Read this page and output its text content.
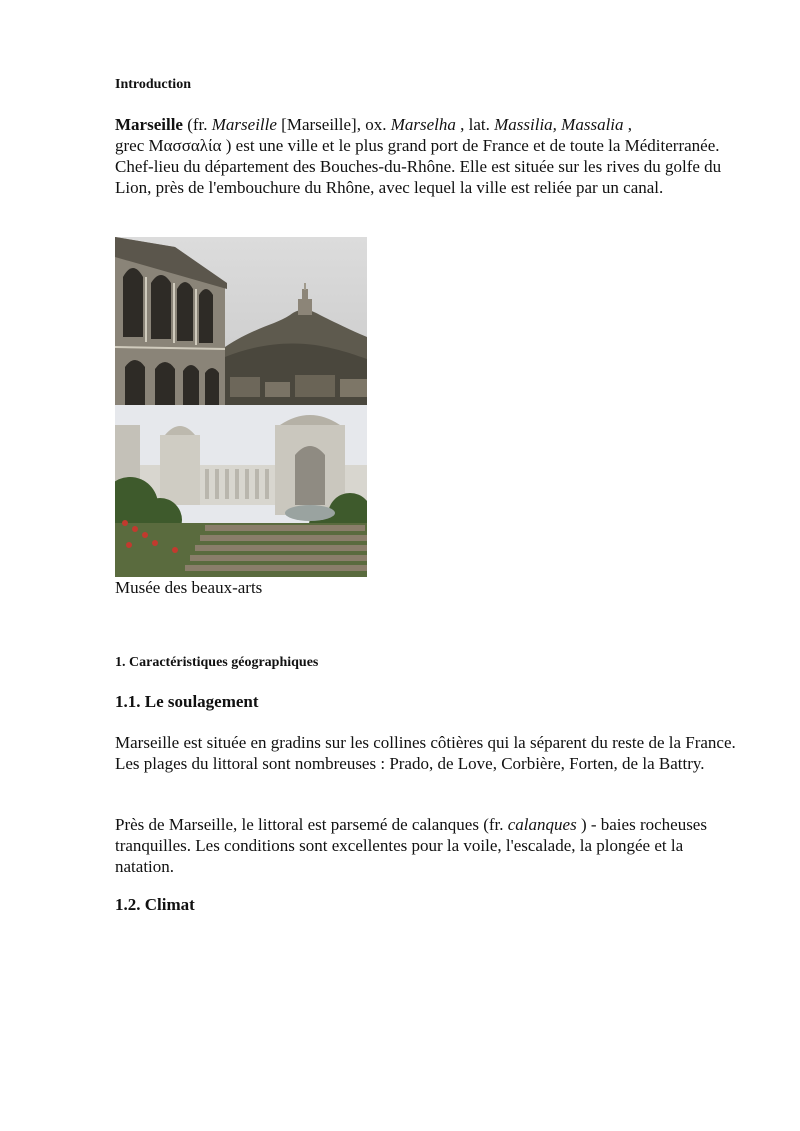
Introduction

Marseille (fr. Marseille [Marseille], ox. Marselha , lat. Massilia, Massalia ,
grec Μασσαλία ) est une ville et le plus grand port de France et de toute la Méditerranée. Chef-lieu du département des Bouches-du-Rhône. Elle est située sur les rives du golfe du Lion, près de l'embouchure du Rhône, avec lequel la ville est reliée par un canal.

Musée des beaux-arts

1. Caractéristiques géographiques
1.1. Le soulagement

Marseille est située en gradins sur les collines côtières qui la séparent du reste de la France. Les plages du littoral sont nombreuses : Prado, de Love, Corbière, Forten, de la Battry.

Près de Marseille, le littoral est parsemé de calanques (fr. calanques ) - baies rocheuses tranquilles. Les conditions sont excellentes pour la voile, l'escalade, la plongée et la natation.

1.2. Climat
